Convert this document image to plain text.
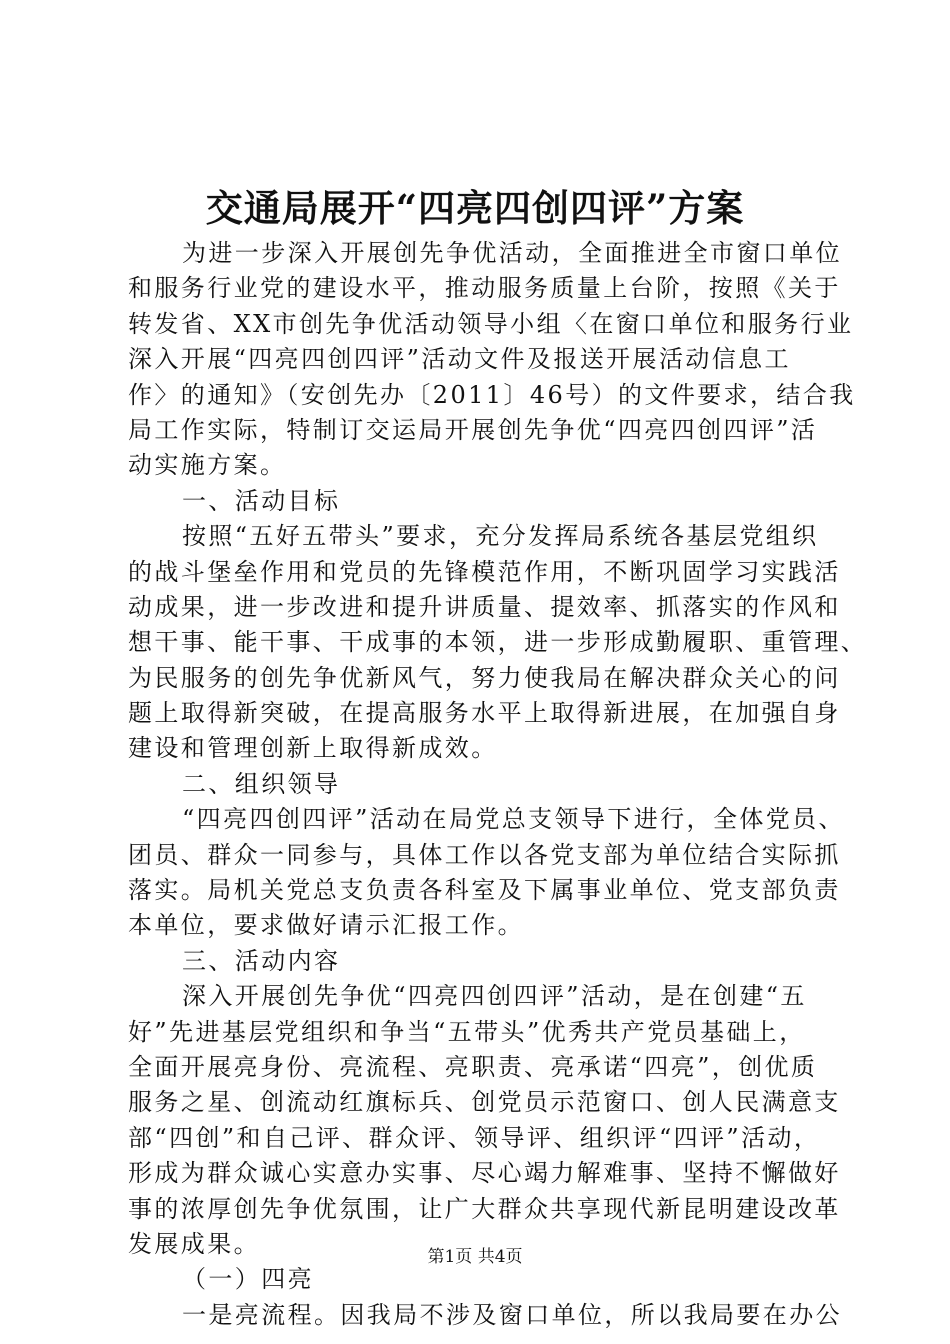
交通局展开“四亮四创四评”方案
为进一步深入开展创先争优活动，全面推进全市窗口单位
和服务行业党的建设水平，推动服务质量上台阶，按照《关于
转发省、XX市创先争优活动领导小组〈在窗口单位和服务行业
深入开展“四亮四创四评”活动文件及报送开展活动信息工
作〉的通知》（安创先办〔2011〕46号）的文件要求，结合我
局工作实际，特制订交运局开展创先争优“四亮四创四评”活
动实施方案。
一、活动目标
按照“五好五带头”要求，充分发挥局系统各基层党组织
的战斗堡垒作用和党员的先锋模范作用，不断巩固学习实践活
动成果，进一步改进和提升讲质量、提效率、抓落实的作风和
想干事、能干事、干成事的本领，进一步形成勤履职、重管理、
为民服务的创先争优新风气，努力使我局在解决群众关心的问
题上取得新突破，在提高服务水平上取得新进展，在加强自身
建设和管理创新上取得新成效。
二、组织领导
“四亮四创四评”活动在局党总支领导下进行，全体党员、
团员、群众一同参与，具体工作以各党支部为单位结合实际抓
落实。局机关党总支负责各科室及下属事业单位、党支部负责
本单位，要求做好请示汇报工作。
三、活动内容
深入开展创先争优“四亮四创四评”活动，是在创建“五
好”先进基层党组织和争当“五带头”优秀共产党员基础上，
全面开展亮身份、亮流程、亮职责、亮承诺“四亮”，创优质
服务之星、创流动红旗标兵、创党员示范窗口、创人民满意支
部“四创”和自己评、群众评、领导评、组织评“四评”活动，
形成为群众诚心实意办实事、尽心竭力解难事、坚持不懈做好
事的浓厚创先争优氛围，让广大群众共享现代新昆明建设改革
发展成果。
（一）四亮
一是亮流程。因我局不涉及窗口单位，所以我局要在办公
第1页 共4页
